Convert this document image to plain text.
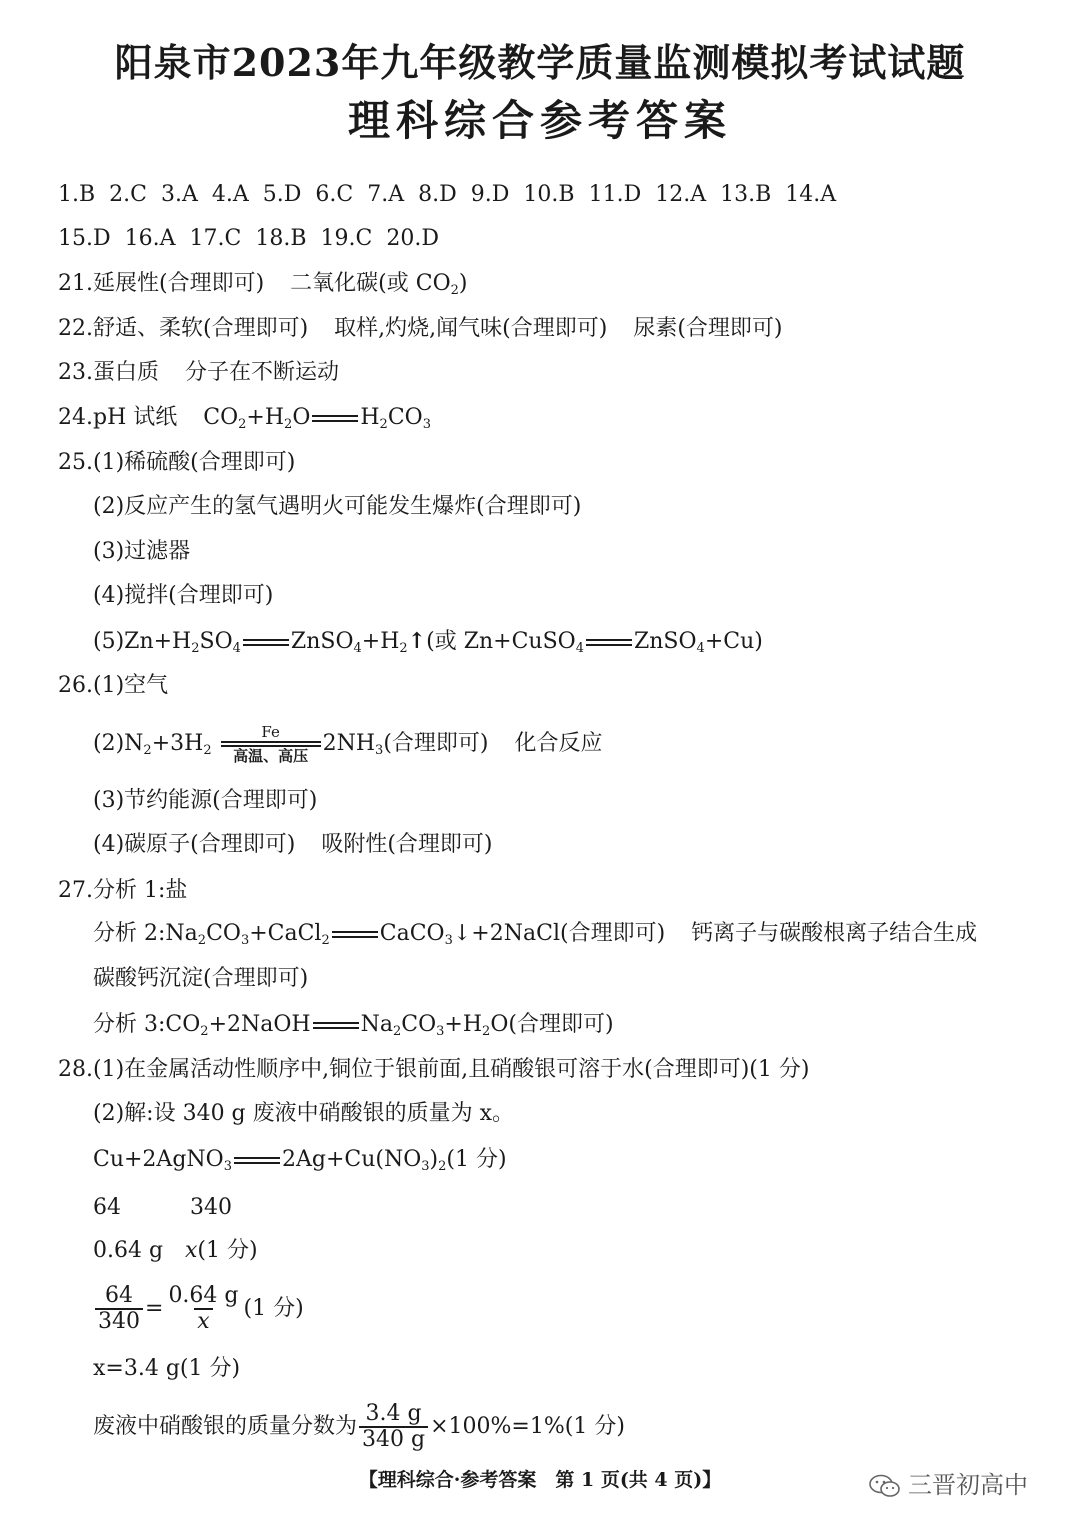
阳泉市2023年九年级教学质量监测模拟考试试题
理科综合参考答案
1.B 2.C 3.A 4.A 5.D 6.C 7.A 8.D 9.D 10.B 11.D 12.A 13.B 14.A
15.D 16.A 17.C 18.B 19.C 20.D
21.延展性(合理即可) 二氧化碳(或 $CO_2$)
22.舒适、柔软(合理即可) 取样,灼烧,闻气味(合理即可) 尿素(合理即可)
23.蛋白质 分子在不断运动
24.pH 试纸 $CO_2+H_2O$ $H_2CO_3$
25.(1)稀硫酸(合理即可)
(2)反应产生的氢气遇明火可能发生爆炸(合理即可)
(3)过滤器
(4)搅拌(合理即可)
$(5)Zn+H_2SO_4$ $ZnSO_4+H_2$ ↑ (或 Zn+CuSO$_4$ ZnSO$_4$+Cu)
26.(1)空气
$(2)N_2+3H_2$
Fe
高温、高压 $2NH_3$(合理即可) 化合反应
(3)节约能源(合理即可)
(4)碳原子(合理即可) 吸附性(合理即可)
27.分析 1:盐
分析 $2:Na_2CO_3+CaCl_2$ CaCO$_3$↓+2NaCl(合理即可) 钙离子与碳酸根离子结合生成
碳酸钙沉淀(合理即可)
分析 $3:CO_2+2NaOH$ $Na_2CO_3+H_2O$(合理即可)
28.(1)在金属活动性顺序中,铜位于银前面,且硝酸银可溶于水(合理即可)(1 分)
(2)解:设 340 g 废液中硝酸银的质量为 x。
Cu+2AgNO$_3$ $2Ag+Cu(NO_3)_2(1$ 分)
64	340
0.64 g x(1 分)
$\frac{64}{340} = \frac{0.64 g}{x} (1$ 分)
x=3.4 g(1 分)
废液中硝酸银的质量分数为 $\frac{3.4 g}{340 g} \times 100\%=1\%(1$ 分)
【理科综合·参考答案　第 1 页(共 4 页)】	三晋初高中
